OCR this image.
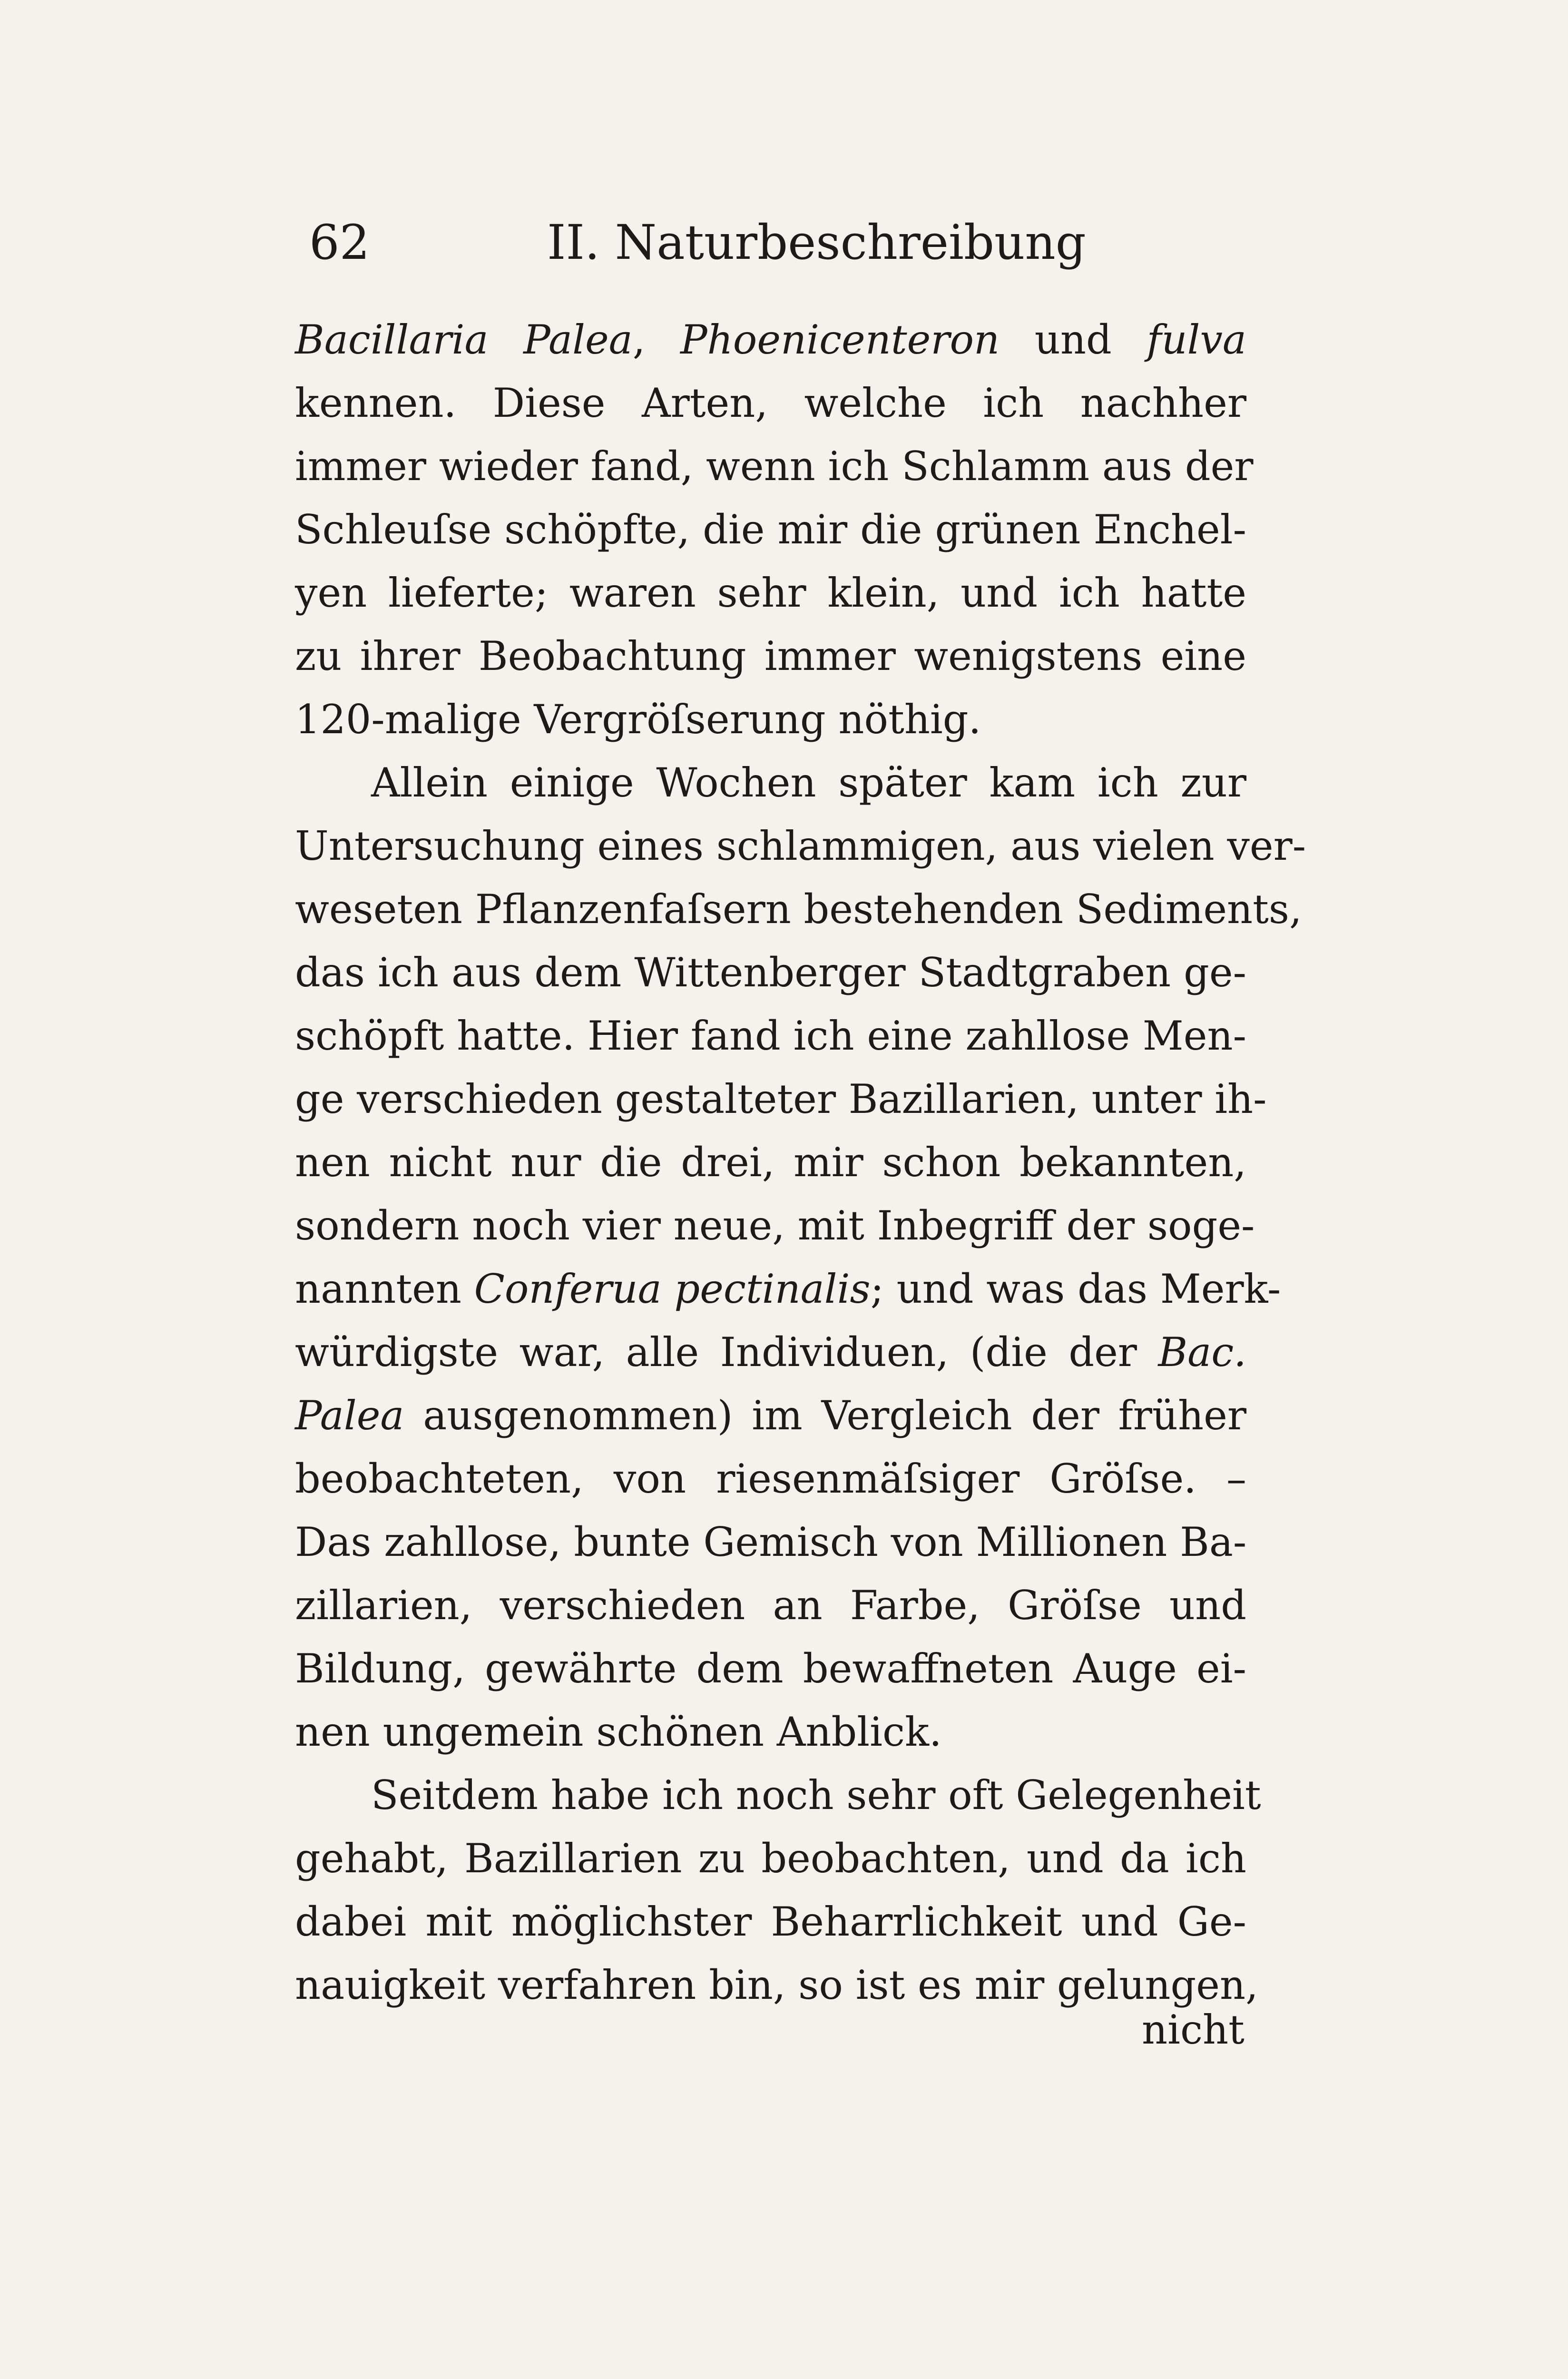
62	II. Naturbeschreibung
Bacillaria Palea, Phoenicenteron und fulva
kennen. Diese Arten, welche ich nachher
immer wieder fand, wenn ich Schlamm aus der
Schleuſse schöpfte, die mir die grünen Enchel-
yen lieferte; waren sehr klein, und ich hatte
zu ihrer Beobachtung immer wenigstens eine
120-malige Vergröſserung nöthig.
Allein einige Wochen später kam ich zur
Untersuchung eines schlammigen, aus vielen ver-
weseten Pflanzenfaſsern bestehenden Sediments,
das ich aus dem Wittenberger Stadtgraben ge-
schöpft hatte. Hier fand ich eine zahllose Men-
ge verschieden gestalteter Bazillarien, unter ih-
nen nicht nur die drei, mir schon bekannten,
sondern noch vier neue, mit Inbegriff der soge-
nannten Conferua pectinalis; und was das Merk-
würdigste war, alle Individuen, (die der Bac.
Palea ausgenommen) im Vergleich der früher
beobachteten, von riesenmäſsiger Gröſse. –
Das zahllose, bunte Gemisch von Millionen Ba-
zillarien, verschieden an Farbe, Gröſse und
Bildung, gewährte dem bewaffneten Auge ei-
nen ungemein schönen Anblick.
Seitdem habe ich noch sehr oft Gelegenheit
gehabt, Bazillarien zu beobachten, und da ich
dabei mit möglichster Beharrlichkeit und Ge-
nauigkeit verfahren bin, so ist es mir gelungen,
nicht
